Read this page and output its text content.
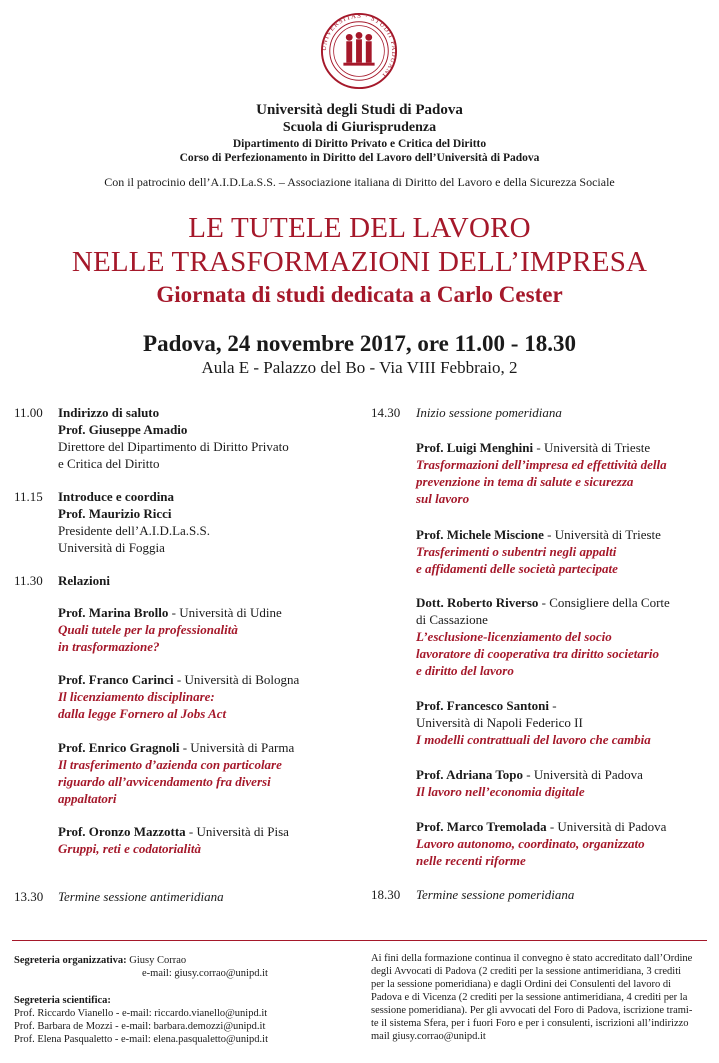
UNIVERSITAS · STUDII PADUANI
Università degli Studi di Padova
Scuola di Giurisprudenza
Dipartimento di Diritto Privato e Critica del Diritto
Corso di Perfezionamento in Diritto del Lavoro dell’Università di Padova
Con il patrocinio dell’A.I.D.La.S.S. – Associazione italiana di Diritto del Lavoro e della Sicurezza Sociale
LE TUTELE DEL LAVORO
NELLE TRASFORMAZIONI DELL’IMPRESA
Giornata di studi dedicata a Carlo Cester
Padova, 24 novembre 2017, ore 11.00 - 18.30
Aula E - Palazzo del Bo - Via VIII Febbraio, 2
11.00 Indirizzo di saluto
Prof. Giuseppe Amadio
Direttore del Dipartimento di Diritto Privato
e Critica del Diritto
11.15 Introduce e coordina
Prof. Maurizio Ricci
Presidente dell’A.I.D.La.S.S.
Università di Foggia
11.30 Relazioni
Prof. Marina Brollo - Università di Udine
Quali tutele per la professionalità
in trasformazione?
Prof. Franco Carinci - Università di Bologna
Il licenziamento disciplinare:
dalla legge Fornero al Jobs Act
Prof. Enrico Gragnoli - Università di Parma
Il trasferimento d’azienda con particolare
riguardo all’avvicendamento fra diversi
appaltatori
Prof. Oronzo Mazzotta - Università di Pisa
Gruppi, reti e codatorialità
13.30 Termine sessione antimeridiana
14.30 Inizio sessione pomeridiana
Prof. Luigi Menghini - Università di Trieste
Trasformazioni dell’impresa ed effettività della
prevenzione in tema di salute e sicurezza
sul lavoro
Prof. Michele Miscione - Università di Trieste
Trasferimenti o subentri negli appalti
e affidamenti delle società partecipate
Dott. Roberto Riverso - Consigliere della Corte
di Cassazione
L’esclusione-licenziamento del socio
lavoratore di cooperativa tra diritto societario
e diritto del lavoro
Prof. Francesco Santoni -
Università di Napoli Federico II
I modelli contrattuali del lavoro che cambia
Prof. Adriana Topo - Università di Padova
Il lavoro nell’economia digitale
Prof. Marco Tremolada - Università di Padova
Lavoro autonomo, coordinato, organizzato
nelle recenti riforme
18.30 Termine sessione pomeridiana
Segreteria organizzativa: Giusy Corrao
e-mail: giusy.corrao@unipd.it
Segreteria scientifica:
Prof. Riccardo Vianello - e-mail: riccardo.vianello@unipd.it
Prof. Barbara de Mozzi - e-mail: barbara.demozzi@unipd.it
Prof. Elena Pasqualetto - e-mail: elena.pasqualetto@unipd.it
Ai fini della formazione continua il convegno è stato accreditato dall’Ordine
degli Avvocati di Padova (2 crediti per la sessione antimeridiana, 3 crediti
per la sessione pomeridiana) e dagli Ordini dei Consulenti del lavoro di
Padova e di Vicenza (2 crediti per la sessione antimeridiana, 4 crediti per la
sessione pomeridiana). Per gli avvocati del Foro di Padova, iscrizione trami-
te il sistema Sfera, per i fuori Foro e per i consulenti, iscrizioni all’indirizzo
mail giusy.corrao@unipd.it
